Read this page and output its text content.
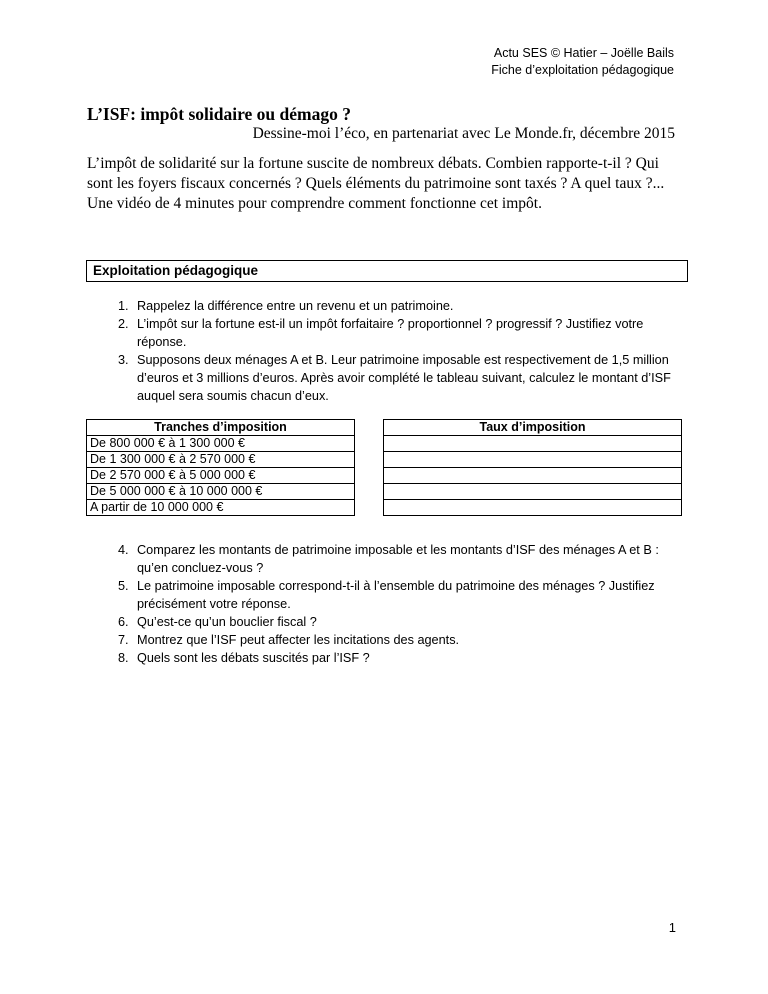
Actu SES © Hatier – Joëlle Bails
Fiche d’exploitation pédagogique
L’ISF: impôt solidaire ou démago ?
Dessine-moi l’éco, en partenariat avec Le Monde.fr, décembre 2015

L’impôt de solidarité sur la fortune suscite de nombreux débats. Combien rapporte-t-il ? Qui sont les foyers fiscaux concernés ? Quels éléments du patrimoine sont taxés ? A quel taux ?... Une vidéo de 4 minutes pour comprendre comment fonctionne cet impôt.

Exploitation pédagogique
1. Rappelez la différence entre un revenu et un patrimoine.
2. L’impôt sur la fortune est-il un impôt forfaitaire ? proportionnel ? progressif ? Justifiez votre réponse.
3. Supposons deux ménages A et B. Leur patrimoine imposable est respectivement de 1,5 million d’euros et 3 millions d’euros. Après avoir complété le tableau suivant, calculez le montant d’ISF auquel sera soumis chacun d’eux.
Tranches d’imposition		Taux d’imposition
De 800 000 € à 1 300 000 €		
De 1 300 000 € à 2 570 000 €		
De 2 570 000 € à 5 000 000 €		
De 5 000 000 € à 10 000 000 €		
A partir de 10 000 000 €		
4. Comparez les montants de patrimoine imposable et les montants d’ISF des ménages A et B : qu’en concluez-vous ?
5. Le patrimoine imposable correspond-t-il à l’ensemble du patrimoine des ménages ? Justifiez précisément votre réponse.
6. Qu’est-ce qu’un bouclier fiscal ?
7. Montrez que l’ISF peut affecter les incitations des agents.
8. Quels sont les débats suscités par l’ISF ?
1
